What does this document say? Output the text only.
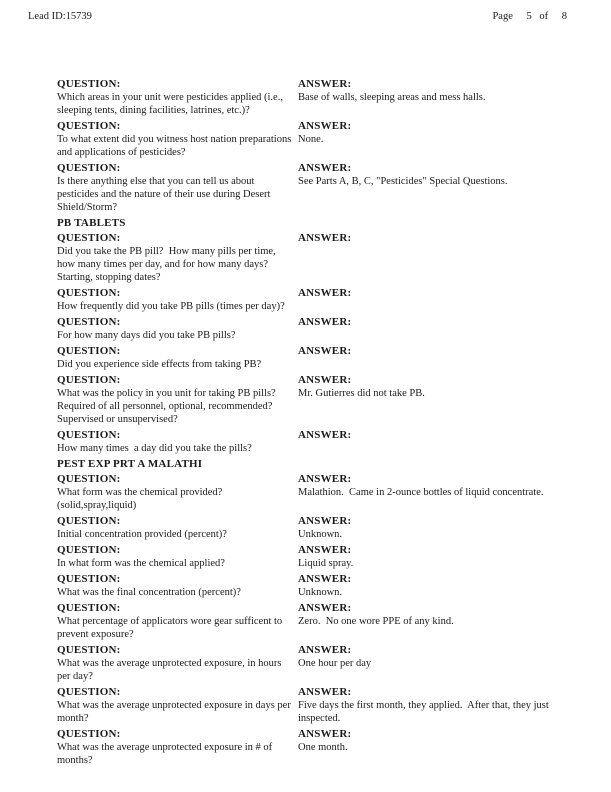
Lead ID:15739	Page 5 of 8
QUESTION:
Which areas in your unit were pesticides applied (i.e., sleeping tents, dining facilities, latrines, etc.)?
ANSWER:
Base of walls, sleeping areas and mess halls.
QUESTION:
To what extent did you witness host nation preparations and applications of pesticides?
ANSWER:
None.
QUESTION:
Is there anything else that you can tell us about pesticides and the nature of their use during Desert Shield/Storm?
ANSWER:
See Parts A, B, C, "Pesticides" Special Questions.
PB TABLETS
QUESTION:
Did you take the PB pill?  How many pills per time, how many times per day, and for how many days?  Starting, stopping dates?
ANSWER:
QUESTION:
How frequently did you take PB pills (times per day)?
ANSWER:
QUESTION:
For how many days did you take PB pills?
ANSWER:
QUESTION:
Did you experience side effects from taking PB?
ANSWER:
QUESTION:
What was the policy in you unit for taking PB pills?  Required of all personnel, optional, recommended? Supervised or unsupervised?
ANSWER:
Mr. Gutierres did not take PB.
QUESTION:
How many times  a day did you take the pills?
ANSWER:
PEST EXP PRT A MALATHI
QUESTION:
What form was the chemical provided?(solid,spray,liquid)
ANSWER:
Malathion.  Came in 2-ounce bottles of liquid concentrate.
QUESTION:
Initial concentration provided (percent)?
ANSWER:
Unknown.
QUESTION:
In what form was the chemical applied?
ANSWER:
Liquid spray.
QUESTION:
What was the final concentration (percent)?
ANSWER:
Unknown.
QUESTION:
What percentage of applicators wore gear sufficent to prevent exposure?
ANSWER:
Zero.  No one wore PPE of any kind.
QUESTION:
What was the average unprotected exposure, in hours per day?
ANSWER:
One hour per day
QUESTION:
What was the average unprotected exposure in days per month?
ANSWER:
Five days the first month, they applied.  After that, they just inspected.
QUESTION:
What was the average unprotected exposure in # of months?
ANSWER:
One month.
